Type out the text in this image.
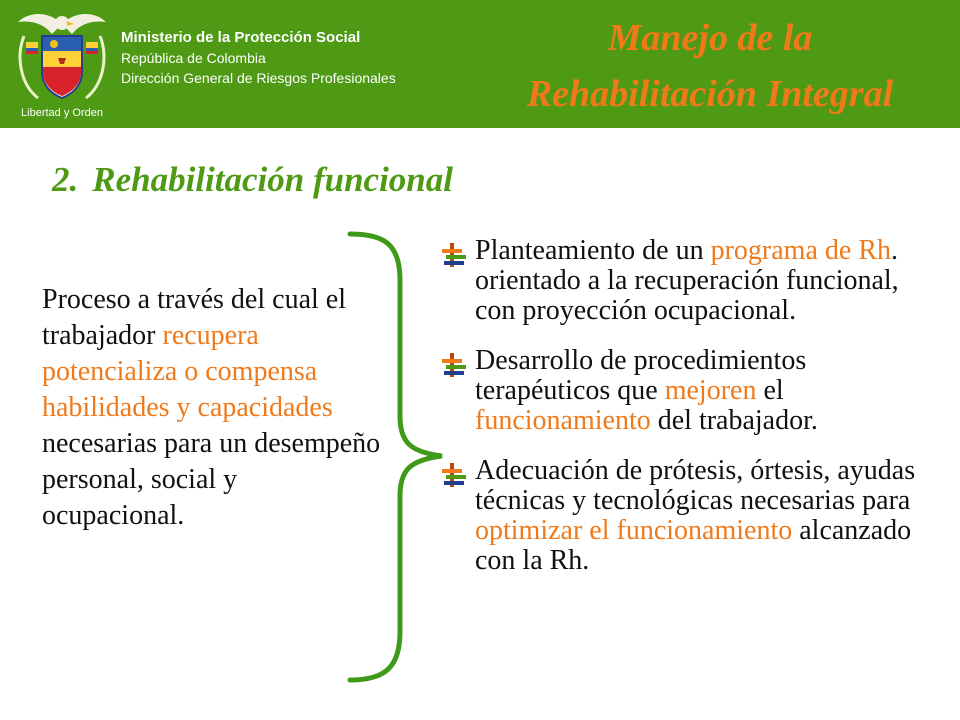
Libertad y Orden
Ministerio de la Protección Social
República de Colombia
Dirección General de Riesgos Profesionales
Manejo de la
Rehabilitación Integral
2. Rehabilitación funcional
Proceso a través del cual el trabajador recupera potencializa o compensa habilidades y capacidades necesarias para un desempeño personal, social y ocupacional.
Planteamiento de un programa de Rh. orientado a la recuperación funcional, con proyección ocupacional.
Desarrollo de procedimientos terapéuticos que mejoren el funcionamiento del trabajador.
Adecuación de prótesis, órtesis, ayudas técnicas y tecnológicas necesarias para optimizar el funcionamiento alcanzado con la Rh.
